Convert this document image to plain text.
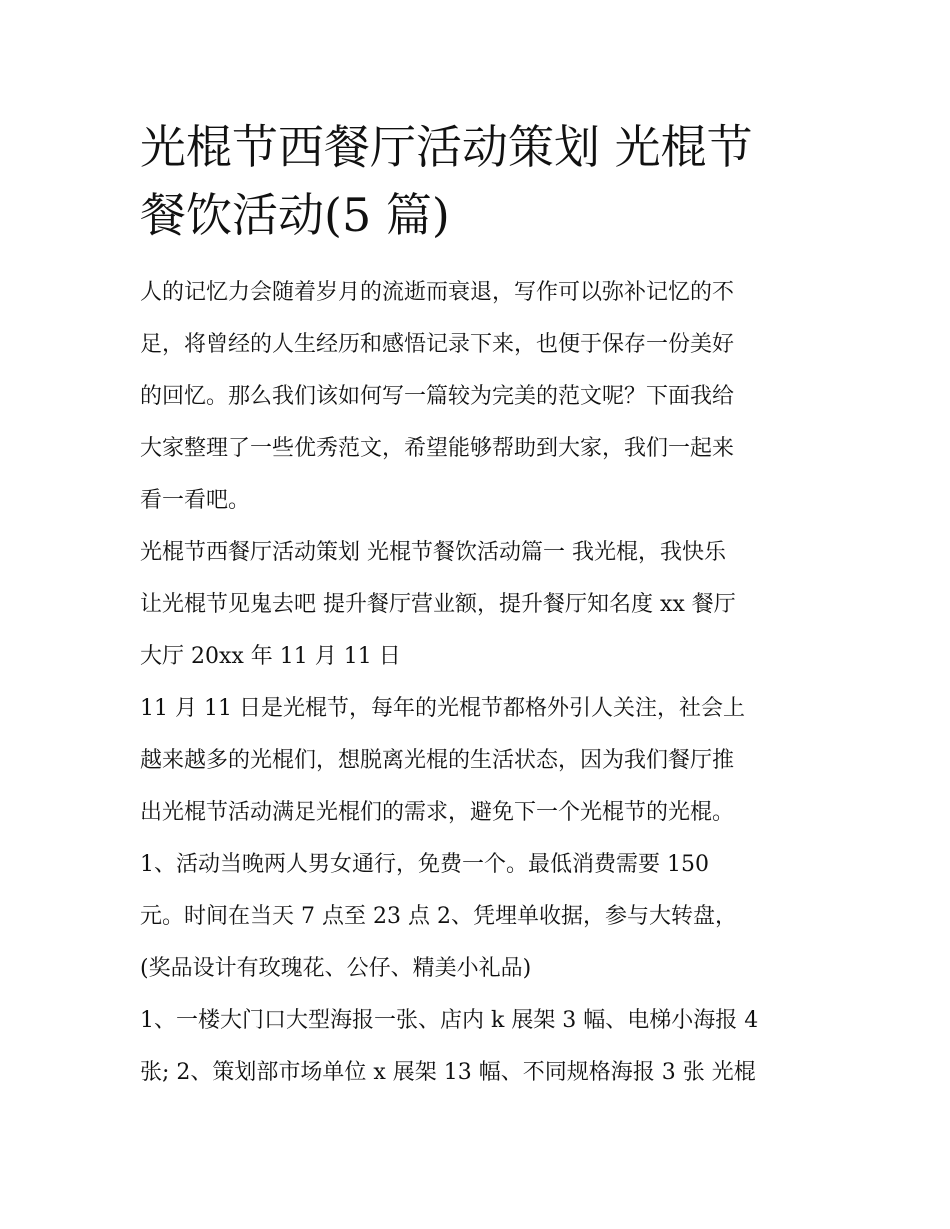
光棍节西餐厅活动策划 光棍节
餐饮活动(5 篇)

人的记忆力会随着岁月的流逝而衰退，写作可以弥补记忆的不
足，将曾经的人生经历和感悟记录下来，也便于保存一份美好
的回忆。那么我们该如何写一篇较为完美的范文呢？下面我给
大家整理了一些优秀范文，希望能够帮助到大家，我们一起来
看一看吧。

光棍节西餐厅活动策划 光棍节餐饮活动篇一 我光棍，我快乐
让光棍节见鬼去吧 提升餐厅营业额，提升餐厅知名度 xx 餐厅
大厅 20xx 年 11 月 11 日

11 月 11 日是光棍节，每年的光棍节都格外引人关注，社会上
越来越多的光棍们，想脱离光棍的生活状态，因为我们餐厅推
出光棍节活动满足光棍们的需求，避免下一个光棍节的光棍。

1、活动当晚两人男女通行，免费一个。最低消费需要 150
元。时间在当天 7 点至 23 点 2、凭埋单收据，参与大转盘，
(奖品设计有玫瑰花、公仔、精美小礼品)

1、一楼大门口大型海报一张、店内 k 展架 3 幅、电梯小海报 4
张; 2、策划部市场单位 x 展架 13 幅、不同规格海报 3 张 光棍
